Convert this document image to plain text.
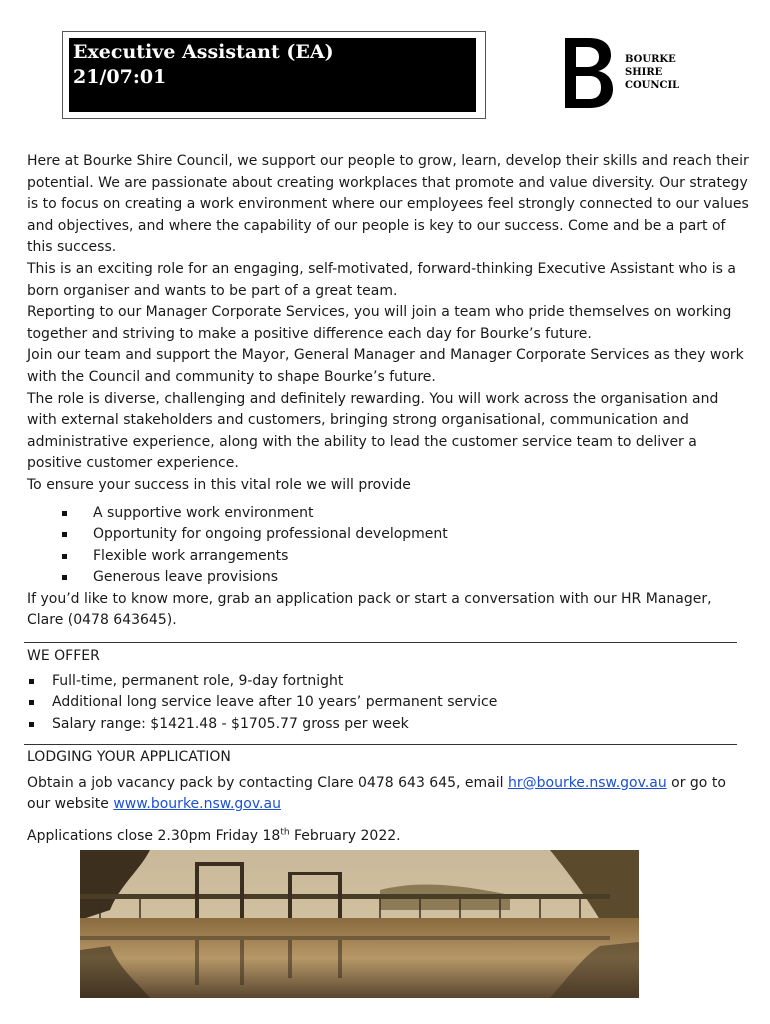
Executive Assistant (EA)
21/07:01
BOURKE
SHIRE
COUNCIL

Here at Bourke Shire Council, we support our people to grow, learn, develop their skills and reach their potential. We are passionate about creating workplaces that promote and value diversity. Our strategy is to focus on creating a work environment where our employees feel strongly connected to our values and objectives, and where the capability of our people is key to our success. Come and be a part of this success.

This is an exciting role for an engaging, self-motivated, forward-thinking Executive Assistant who is a born organiser and wants to be part of a great team.

Reporting to our Manager Corporate Services, you will join a team who pride themselves on working together and striving to make a positive difference each day for Bourke’s future.

Join our team and support the Mayor, General Manager and Manager Corporate Services as they work with the Council and community to shape Bourke’s future.

The role is diverse, challenging and definitely rewarding. You will work across the organisation and with external stakeholders and customers, bringing strong organisational, communication and administrative experience, along with the ability to lead the customer service team to deliver a positive customer experience.

To ensure your success in this vital role we will provide

A supportive work environment
Opportunity for ongoing professional development
Flexible work arrangements
Generous leave provisions

If you’d like to know more, grab an application pack or start a conversation with our HR Manager, Clare (0478 643645).

WE OFFER

Full-time, permanent role, 9-day fortnight
Additional long service leave after 10 years’ permanent service
Salary range: $1421.48 - $1705.77 gross per week

LODGING YOUR APPLICATION

Obtain a job vacancy pack by contacting Clare 0478 643 645, email hr@bourke.nsw.gov.au or go to our website www.bourke.nsw.gov.au

Applications close 2.30pm Friday 18th February 2022.
